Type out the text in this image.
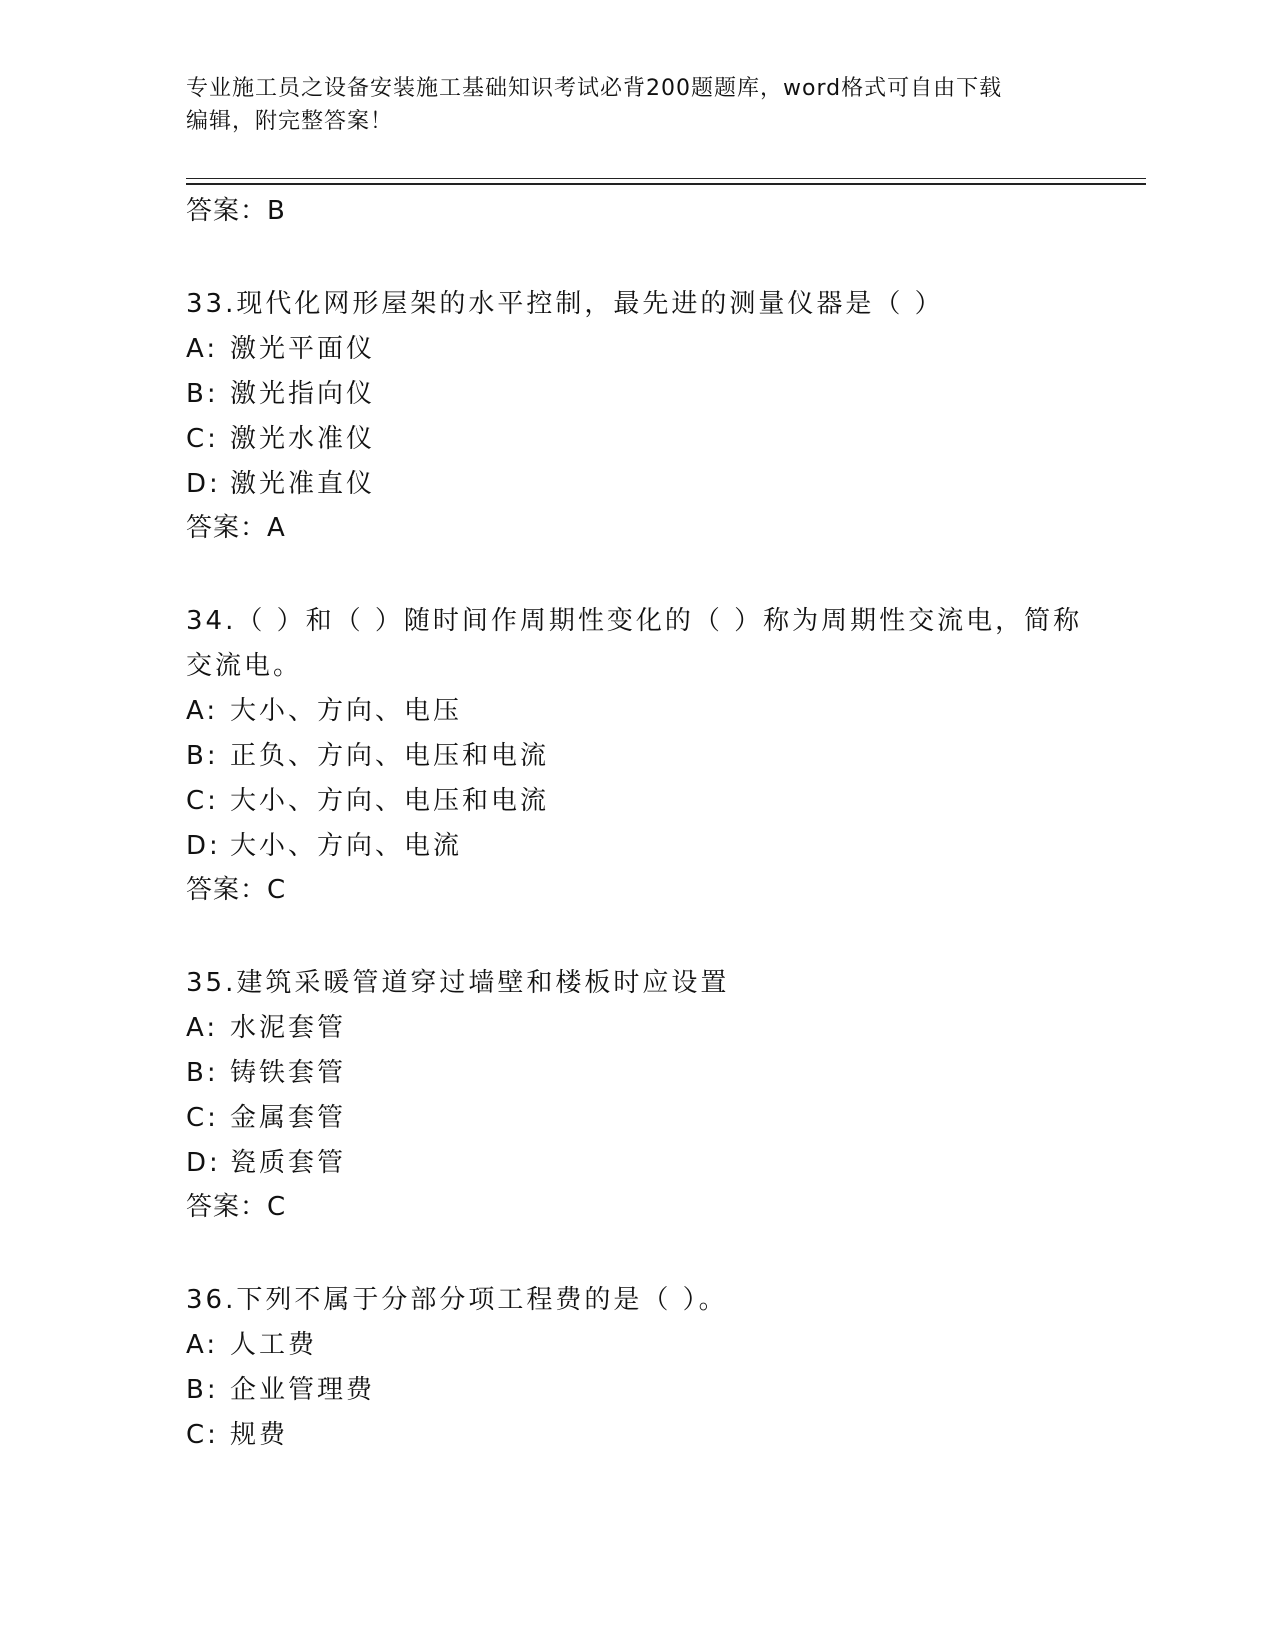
专业施工员之设备安装施工基础知识考试必背200题题库，word格式可自由下载
编辑，附完整答案！
答案：B
33.现代化网形屋架的水平控制，最先进的测量仪器是（ ）
A: 激光平面仪
B: 激光指向仪
C: 激光水准仪
D: 激光准直仪
答案：A
34.（ ）和（ ）随时间作周期性变化的（ ）称为周期性交流电，简称交流电。
A: 大小、方向、电压
B: 正负、方向、电压和电流
C: 大小、方向、电压和电流
D: 大小、方向、电流
答案：C
35.建筑采暖管道穿过墙壁和楼板时应设置
A: 水泥套管
B: 铸铁套管
C: 金属套管
D: 瓷质套管
答案：C
36.下列不属于分部分项工程费的是（ ）。
A: 人工费
B: 企业管理费
C: 规费
